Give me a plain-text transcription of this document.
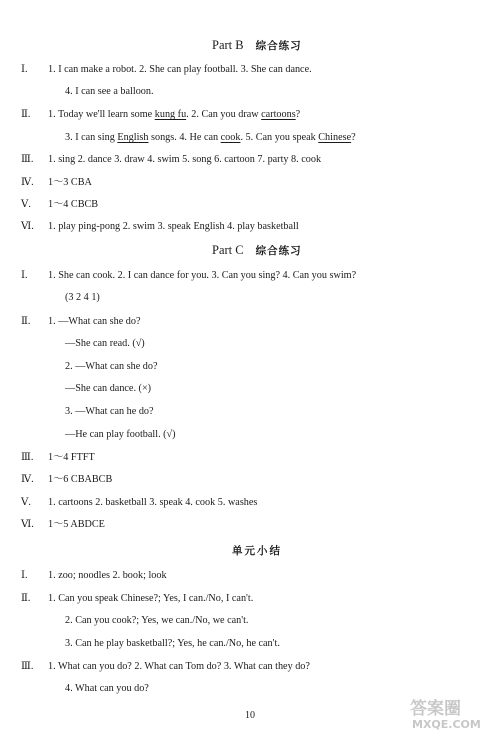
Part B 综合练习
Ⅰ. 1. I can make a robot. 2. She can play football. 3. She can dance.
4. I can see a balloon.
Ⅱ. 1. Today we'll learn some kung fu. 2. Can you draw cartoons?
3. I can sing English songs. 4. He can cook. 5. Can you speak Chinese?
Ⅲ. 1. sing 2. dance 3. draw 4. swim 5. song 6. cartoon 7. party 8. cook
Ⅳ. 1～3 CBA
Ⅴ. 1～4 CBCB
Ⅵ. 1. play ping-pong 2. swim 3. speak English 4. play basketball
Part C 综合练习
Ⅰ. 1. She can cook. 2. I can dance for you. 3. Can you sing? 4. Can you swim?
(3 2 4 1)
Ⅱ. 1. —What can she do?
—She can read. (√)
2. —What can she do?
—She can dance. (×)
3. —What can he do?
—He can play football. (√)
Ⅲ. 1～4 FTFT
Ⅳ. 1～6 CBABCB
Ⅴ. 1. cartoons 2. basketball 3. speak 4. cook 5. washes
Ⅵ. 1～5 ABDCE
单元小结
Ⅰ. 1. zoo; noodles 2. book; look
Ⅱ. 1. Can you speak Chinese?; Yes, I can./No, I can't.
2. Can you cook?; Yes, we can./No, we can't.
3. Can he play basketball?; Yes, he can./No, he can't.
Ⅲ. 1. What can you do? 2. What can Tom do? 3. What can they do?
4. What can you do?
10	答案圈
MXQE.COM
